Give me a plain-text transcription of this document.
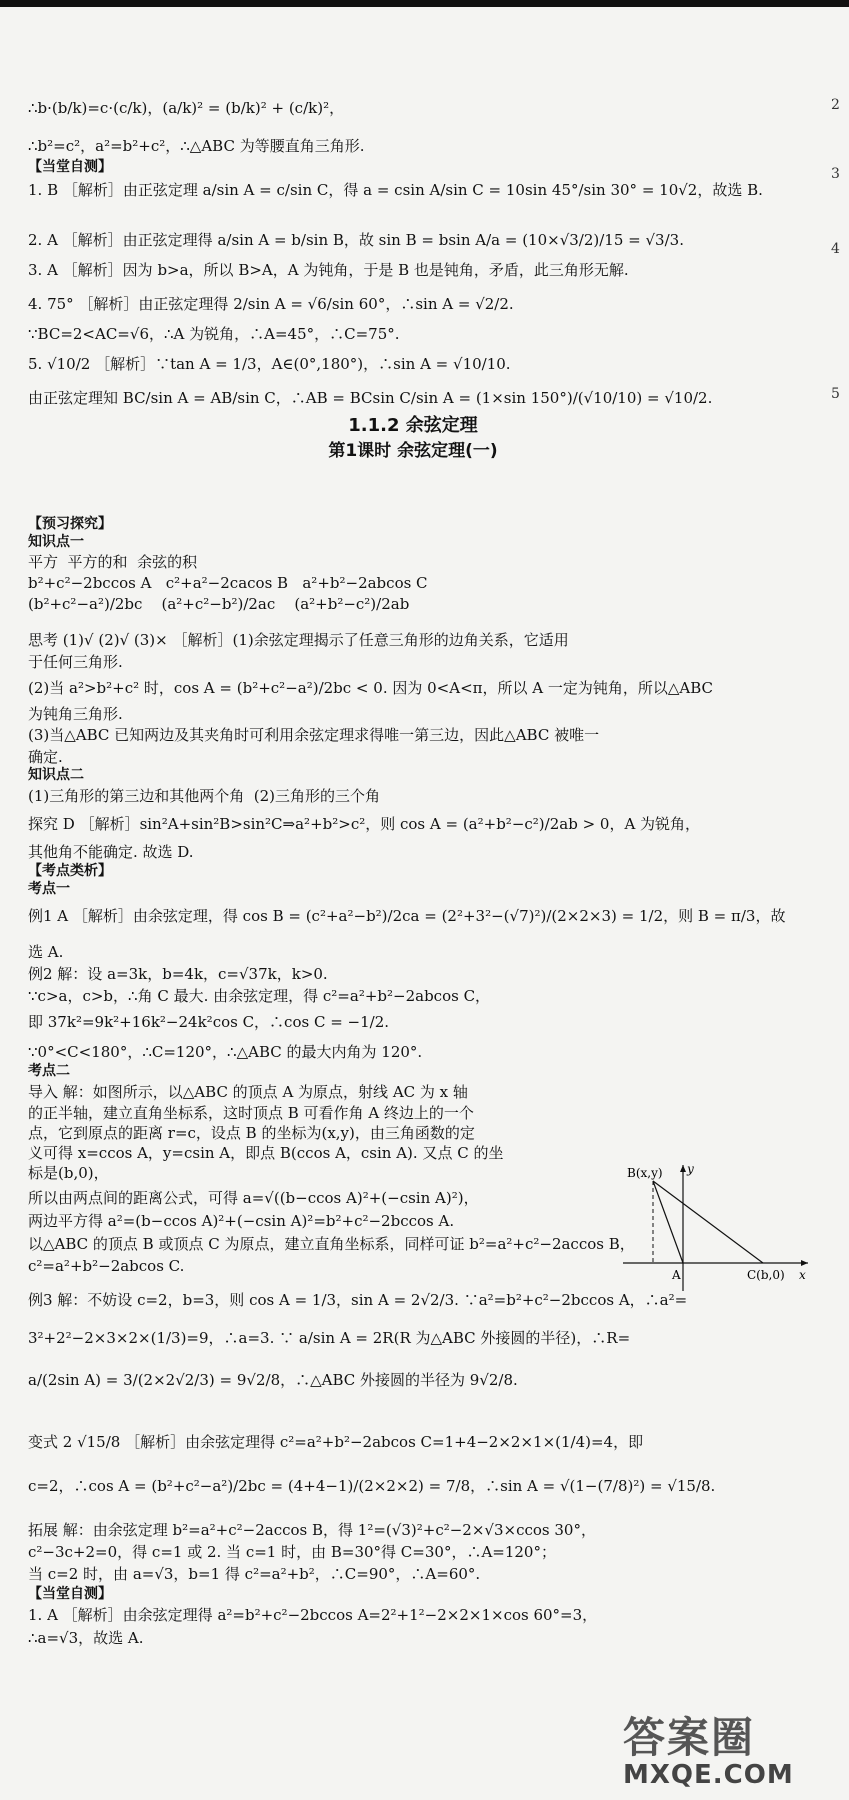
2
3
4
5
1.1.2 余弦定理
第1课时 余弦定理(一)
B(x,y) y
A	C(b,0) x
∴b·(b/k)=c·(c/k)，(a/k)² = (b/k)² + (c/k)²，
∴b²=c²，a²=b²+c²，∴△ABC 为等腰直角三角形.
【当堂自测】
1. B ［解析］由正弦定理 a/sin A = c/sin C，得 a = csin A/sin C = 10sin 45°/sin 30° = 10√2，故选 B.
2. A ［解析］由正弦定理得 a/sin A = b/sin B，故 sin B = bsin A/a = (10×√3/2)/15 = √3/3.
3. A ［解析］因为 b>a，所以 B>A，A 为钝角，于是 B 也是钝角，矛盾，此三角形无解.
4. 75° ［解析］由正弦定理得 2/sin A = √6/sin 60°，∴sin A = √2/2.
∵BC=2<AC=√6，∴A 为锐角，∴A=45°，∴C=75°.
5. √10/2 ［解析］∵tan A = 1/3，A∈(0°,180°)，∴sin A = √10/10.
由正弦定理知 BC/sin A = AB/sin C，∴AB = BCsin C/sin A = (1×sin 150°)/(√10/10) = √10/2.
【预习探究】
知识点一
平方  平方的和  余弦的积
b²+c²−2bccos A   c²+a²−2cacos B   a²+b²−2abcos C
(b²+c²−a²)/2bc    (a²+c²−b²)/2ac    (a²+b²−c²)/2ab
思考 (1)√ (2)√ (3)× ［解析］(1)余弦定理揭示了任意三角形的边角关系，它适用
于任何三角形.
(2)当 a²>b²+c² 时，cos A = (b²+c²−a²)/2bc < 0. 因为 0<A<π，所以 A 一定为钝角，所以△ABC
为钝角三角形.
(3)当△ABC 已知两边及其夹角时可利用余弦定理求得唯一第三边，因此△ABC 被唯一
确定.
知识点二
(1)三角形的第三边和其他两个角  (2)三角形的三个角
探究 D ［解析］sin²A+sin²B>sin²C⇒a²+b²>c²，则 cos A = (a²+b²−c²)/2ab > 0，A 为锐角，
其他角不能确定. 故选 D.
【考点类析】
考点一
例1 A ［解析］由余弦定理，得 cos B = (c²+a²−b²)/2ca = (2²+3²−(√7)²)/(2×2×3) = 1/2，则 B = π/3，故
选 A.
例2 解：设 a=3k，b=4k，c=√37k，k>0.
∵c>a，c>b，∴角 C 最大. 由余弦定理，得 c²=a²+b²−2abcos C，
即 37k²=9k²+16k²−24k²cos C，∴cos C = −1/2.
∵0°<C<180°，∴C=120°，∴△ABC 的最大内角为 120°.
考点二
导入 解：如图所示，以△ABC 的顶点 A 为原点，射线 AC 为 x 轴
的正半轴，建立直角坐标系，这时顶点 B 可看作角 A 终边上的一个
点，它到原点的距离 r=c，设点 B 的坐标为(x,y)，由三角函数的定
义可得 x=ccos A，y=csin A，即点 B(ccos A，csin A). 又点 C 的坐
标是(b,0)，
所以由两点间的距离公式，可得 a=√((b−ccos A)²+(−csin A)²)，
两边平方得 a²=(b−ccos A)²+(−csin A)²=b²+c²−2bccos A.
以△ABC 的顶点 B 或顶点 C 为原点，建立直角坐标系，同样可证 b²=a²+c²−2accos B，
c²=a²+b²−2abcos C.
例3 解：不妨设 c=2，b=3，则 cos A = 1/3，sin A = 2√2/3. ∵a²=b²+c²−2bccos A，∴a²=
3²+2²−2×3×2×(1/3)=9，∴a=3. ∵ a/sin A = 2R(R 为△ABC 外接圆的半径)，∴R=
a/(2sin A) = 3/(2×2√2/3) = 9√2/8，∴△ABC 外接圆的半径为 9√2/8.
变式 2 √15/8 ［解析］由余弦定理得 c²=a²+b²−2abcos C=1+4−2×2×1×(1/4)=4，即
c=2，∴cos A = (b²+c²−a²)/2bc = (4+4−1)/(2×2×2) = 7/8，∴sin A = √(1−(7/8)²) = √15/8.
拓展 解：由余弦定理 b²=a²+c²−2accos B，得 1²=(√3)²+c²−2×√3×ccos 30°，
c²−3c+2=0，得 c=1 或 2. 当 c=1 时，由 B=30°得 C=30°，∴A=120°；
当 c=2 时，由 a=√3，b=1 得 c²=a²+b²，∴C=90°，∴A=60°.
【当堂自测】
1. A ［解析］由余弦定理得 a²=b²+c²−2bccos A=2²+1²−2×2×1×cos 60°=3，
∴a=√3，故选 A.
答案圈
MXQE.COM
